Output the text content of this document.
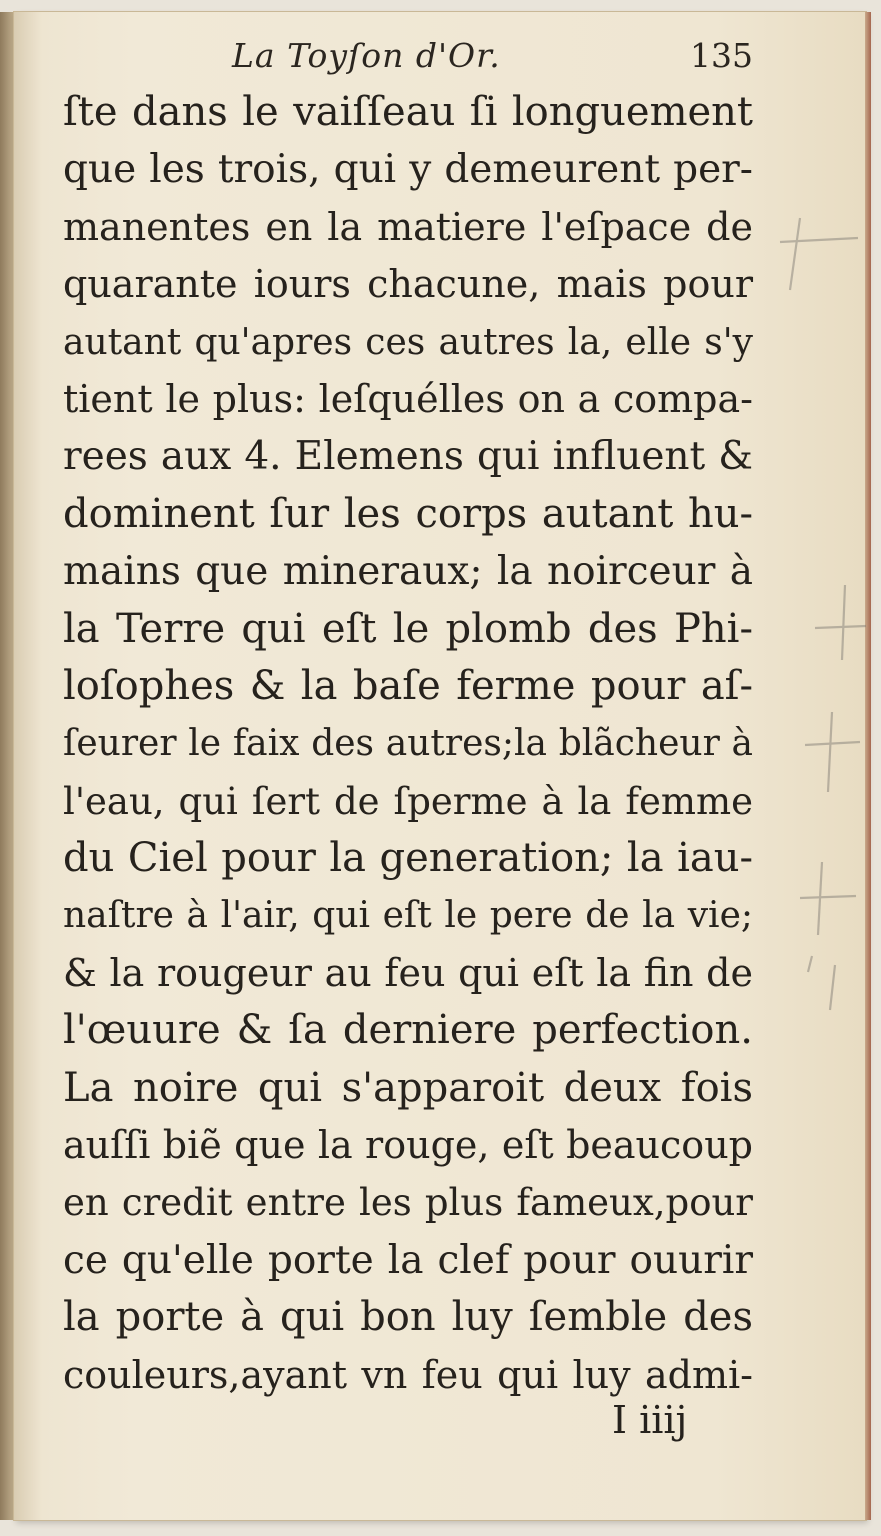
La Toyſon d'Or.	135
ſte dans le vaiſſeau ſi longuement
que les trois, qui y demeurent per-
manentes en la matiere l'eſpace de
quarante iours chacune, mais pour
autant qu'apres ces autres la, elle s'y
tient le plus: leſquélles on a compa-
rees aux 4. Elemens qui influent &
dominent ſur les corps autant hu-
mains que mineraux; la noirceur à
la Terre qui eſt le plomb des Phi-
loſophes & la baſe ferme pour aſ-
ſeurer le faix des autres;la blãcheur à
l'eau, qui ſert de ſperme à la femme
du Ciel pour la generation; la iau-
naſtre à l'air, qui eſt le pere de la vie;
& la rougeur au feu qui eſt la fin de
l'œuure & ſa derniere perfection.
La noire qui s'apparoit deux fois
auſſi biẽ que la rouge, eſt beaucoup
en credit entre les plus fameux,pour
ce qu'elle porte la clef pour ouurir
la porte à qui bon luy ſemble des
couleurs,ayant vn feu qui luy admi-
I iiij
